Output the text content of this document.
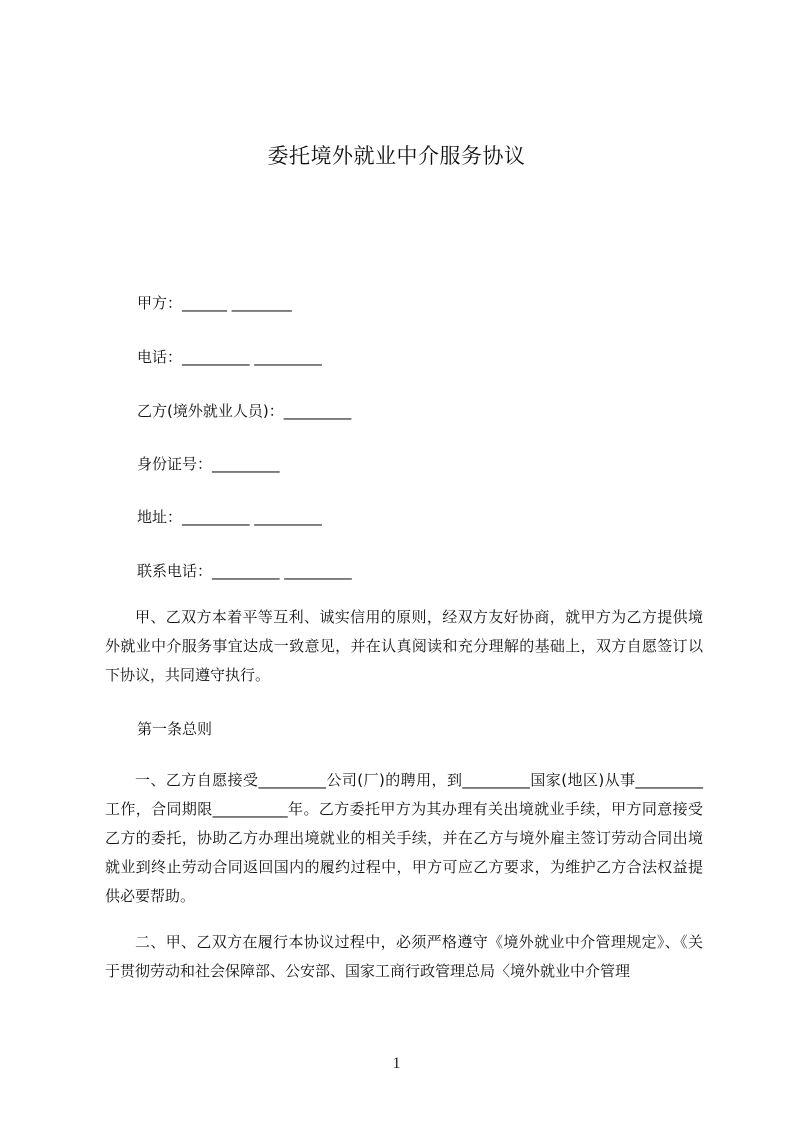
委托境外就业中介服务协议
甲方：______ ________
电话：_________ _________
乙方(境外就业人员)：_________
身份证号：_________
地址：_________ _________
联系电话：_________ _________

甲、乙双方本着平等互利、诚实信用的原则，经双方友好协商，就甲方为乙方提供境外就业中介服务事宜达成一致意见，并在认真阅读和充分理解的基础上，双方自愿签订以下协议，共同遵守执行。

第一条总则

一、乙方自愿接受_________公司(厂)的聘用，到_________国家(地区)从事_________工作，合同期限__________年。乙方委托甲方为其办理有关出境就业手续，甲方同意接受乙方的委托，协助乙方办理出境就业的相关手续，并在乙方与境外雇主签订劳动合同出境就业到终止劳动合同返回国内的履约过程中，甲方可应乙方要求，为维护乙方合法权益提供必要帮助。

二、甲、乙双方在履行本协议过程中，必须严格遵守《境外就业中介管理规定》、《关于贯彻劳动和社会保障部、公安部、国家工商行政管理总局〈境外就业中介管理

1
